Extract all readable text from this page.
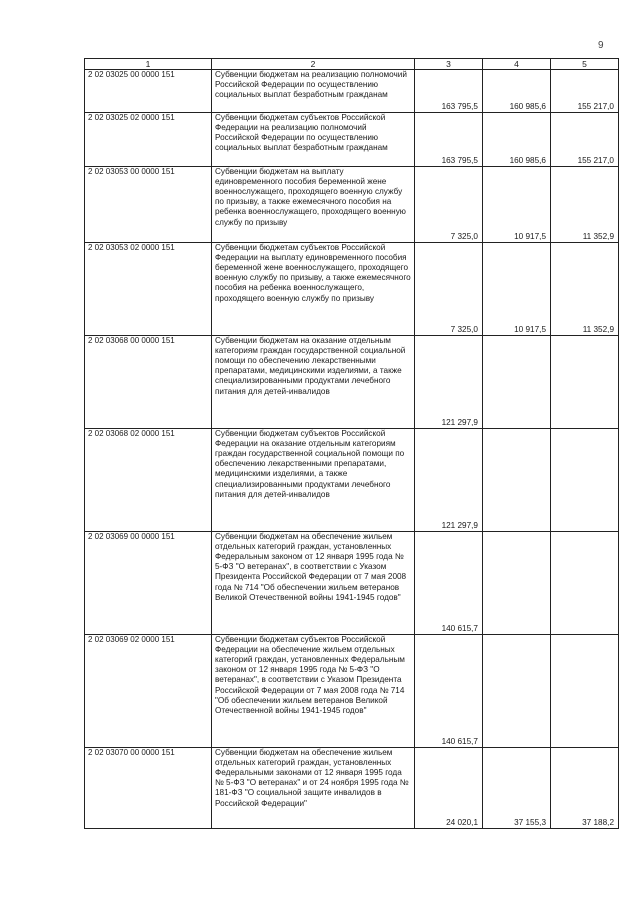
9
1	2	3	4	5
2 02 03025 00 0000 151	Субвенции бюджетам на реализацию полномочий Российской Федерации по осуществлению социальных выплат безработным гражданам	163 795,5	160 985,6	155 217,0
2 02 03025 02 0000 151	Субвенции бюджетам субъектов Российской Федерации на реализацию полномочий Российской Федерации по осуществлению социальных выплат безработным гражданам	163 795,5	160 985,6	155 217,0
2 02 03053 00 0000 151	Субвенции бюджетам на выплату единовременного пособия беременной жене военнослужащего, проходящего военную службу по призыву, а также ежемесячного пособия на ребенка военнослужащего, проходящего военную службу по призыву	7 325,0	10 917,5	11 352,9
2 02 03053 02 0000 151	Субвенции бюджетам субъектов Российской Федерации на выплату единовременного пособия беременной жене военнослужащего, проходящего военную службу по призыву, а также ежемесячного пособия на ребенка военнослужащего, проходящего военную службу по призыву	7 325,0	10 917,5	11 352,9
2 02 03068 00 0000 151	Субвенции бюджетам на оказание отдельным категориям граждан государственной социальной помощи по обеспечению лекарственными препаратами, медицинскими изделиями, а также специализированными продуктами лечебного питания для детей-инвалидов	121 297,9		
2 02 03068 02 0000 151	Субвенции бюджетам субъектов Российской Федерации на оказание отдельным категориям граждан государственной социальной помощи по обеспечению лекарственными препаратами, медицинскими изделиями, а также специализированными продуктами лечебного питания для детей-инвалидов	121 297,9		
2 02 03069 00 0000 151	Субвенции бюджетам на обеспечение жильем отдельных категорий граждан, установленных Федеральным законом от 12 января 1995 года № 5-ФЗ "О ветеранах", в соответствии с Указом Президента Российской Федерации от 7 мая 2008 года № 714 "Об обеспечении жильем ветеранов Великой Отечественной войны 1941-1945 годов"	140 615,7		
2 02 03069 02 0000 151	Субвенции бюджетам субъектов Российской Федерации на обеспечение жильем отдельных категорий граждан, установленных Федеральным законом от 12 января 1995 года № 5-ФЗ "О ветеранах", в соответствии с Указом Президента Российской Федерации от 7 мая 2008 года № 714 "Об обеспечении жильем ветеранов Великой Отечественной войны 1941-1945 годов"	140 615,7		
2 02 03070 00 0000 151	Субвенции бюджетам на обеспечение жильем отдельных категорий граждан, установленных Федеральными законами от 12 января 1995 года № 5-ФЗ "О ветеранах" и от 24 ноября 1995 года № 181-ФЗ "О социальной защите инвалидов в Российской Федерации"	24 020,1	37 155,3	37 188,2
